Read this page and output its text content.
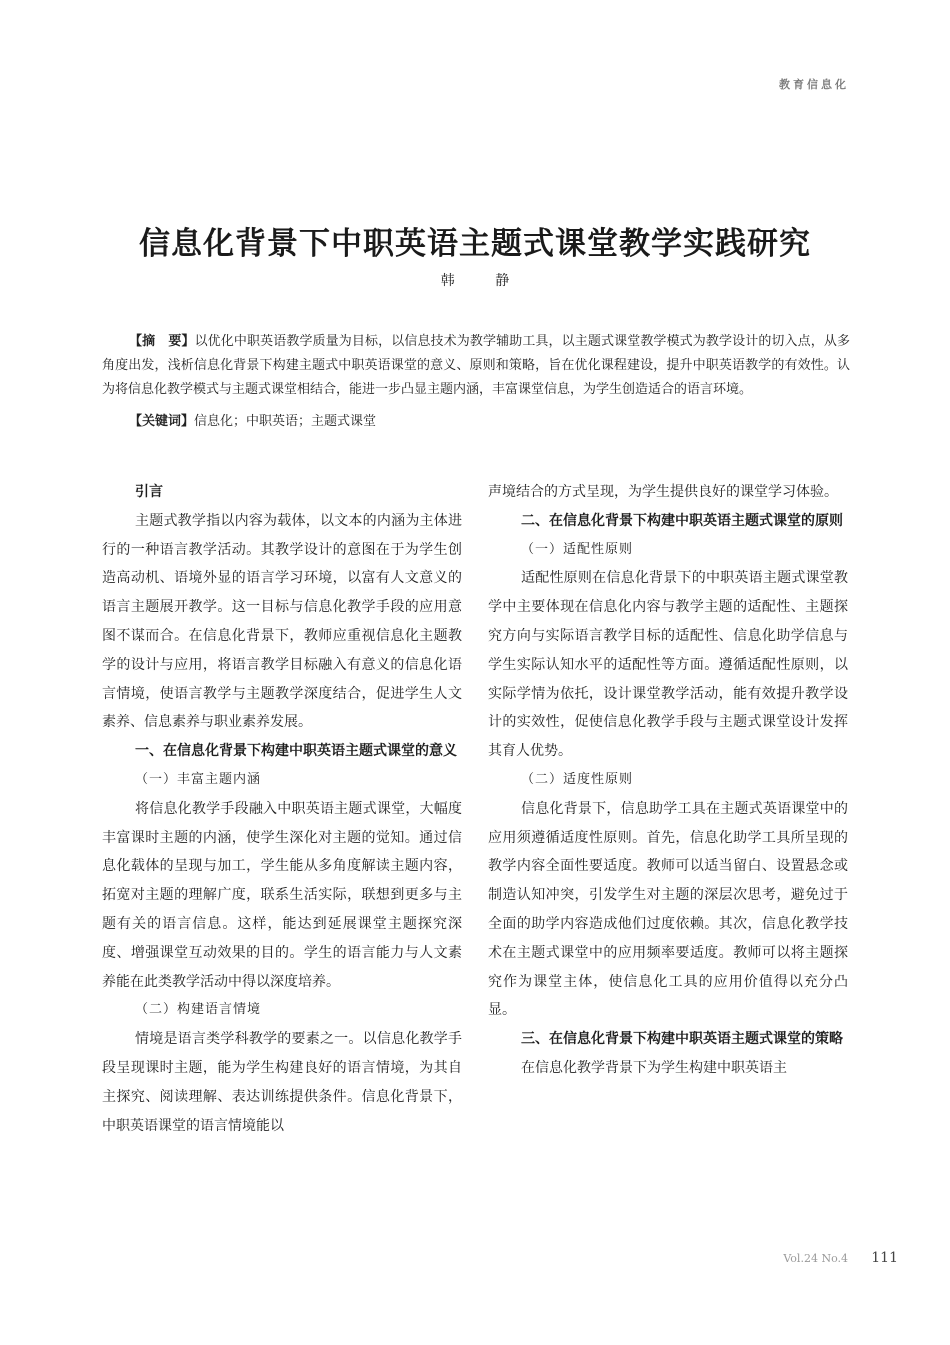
教育信息化
信息化背景下中职英语主题式课堂教学实践研究
韩 静

【摘　要】以优化中职英语教学质量为目标，以信息技术为教学辅助工具，以主题式课堂教学模式为教学设计的切入点，从多角度出发，浅析信息化背景下构建主题式中职英语课堂的意义、原则和策略，旨在优化课程建设，提升中职英语教学的有效性。认为将信息化教学模式与主题式课堂相结合，能进一步凸显主题内涵，丰富课堂信息，为学生创造适合的语言环境。

【关键词】信息化；中职英语；主题式课堂

引言

主题式教学指以内容为载体，以文本的内涵为主体进行的一种语言教学活动。其教学设计的意图在于为学生创造高动机、语境外显的语言学习环境，以富有人文意义的语言主题展开教学。这一目标与信息化教学手段的应用意图不谋而合。在信息化背景下，教师应重视信息化主题教学的设计与应用，将语言教学目标融入有意义的信息化语言情境，使语言教学与主题教学深度结合，促进学生人文素养、信息素养与职业素养发展。

一、在信息化背景下构建中职英语主题式课堂的意义

（一）丰富主题内涵

将信息化教学手段融入中职英语主题式课堂，大幅度丰富课时主题的内涵，使学生深化对主题的觉知。通过信息化载体的呈现与加工，学生能从多角度解读主题内容，拓宽对主题的理解广度，联系生活实际，联想到更多与主题有关的语言信息。这样，能达到延展课堂主题探究深度、增强课堂互动效果的目的。学生的语言能力与人文素养能在此类教学活动中得以深度培养。

（二）构建语言情境

情境是语言类学科教学的要素之一。以信息化教学手段呈现课时主题，能为学生构建良好的语言情境，为其自主探究、阅读理解、表达训练提供条件。信息化背景下，中职英语课堂的语言情境能以

声境结合的方式呈现，为学生提供良好的课堂学习体验。

二、在信息化背景下构建中职英语主题式课堂的原则

（一）适配性原则

适配性原则在信息化背景下的中职英语主题式课堂教学中主要体现在信息化内容与教学主题的适配性、主题探究方向与实际语言教学目标的适配性、信息化助学信息与学生实际认知水平的适配性等方面。遵循适配性原则，以实际学情为依托，设计课堂教学活动，能有效提升教学设计的实效性，促使信息化教学手段与主题式课堂设计发挥其育人优势。

（二）适度性原则

信息化背景下，信息助学工具在主题式英语课堂中的应用须遵循适度性原则。首先，信息化助学工具所呈现的教学内容全面性要适度。教师可以适当留白、设置悬念或制造认知冲突，引发学生对主题的深层次思考，避免过于全面的助学内容造成他们过度依赖。其次，信息化教学技术在主题式课堂中的应用频率要适度。教师可以将主题探究作为课堂主体，使信息化工具的应用价值得以充分凸显。

三、在信息化背景下构建中职英语主题式课堂的策略

在信息化教学背景下为学生构建中职英语主

Vol.24 No.4 111
